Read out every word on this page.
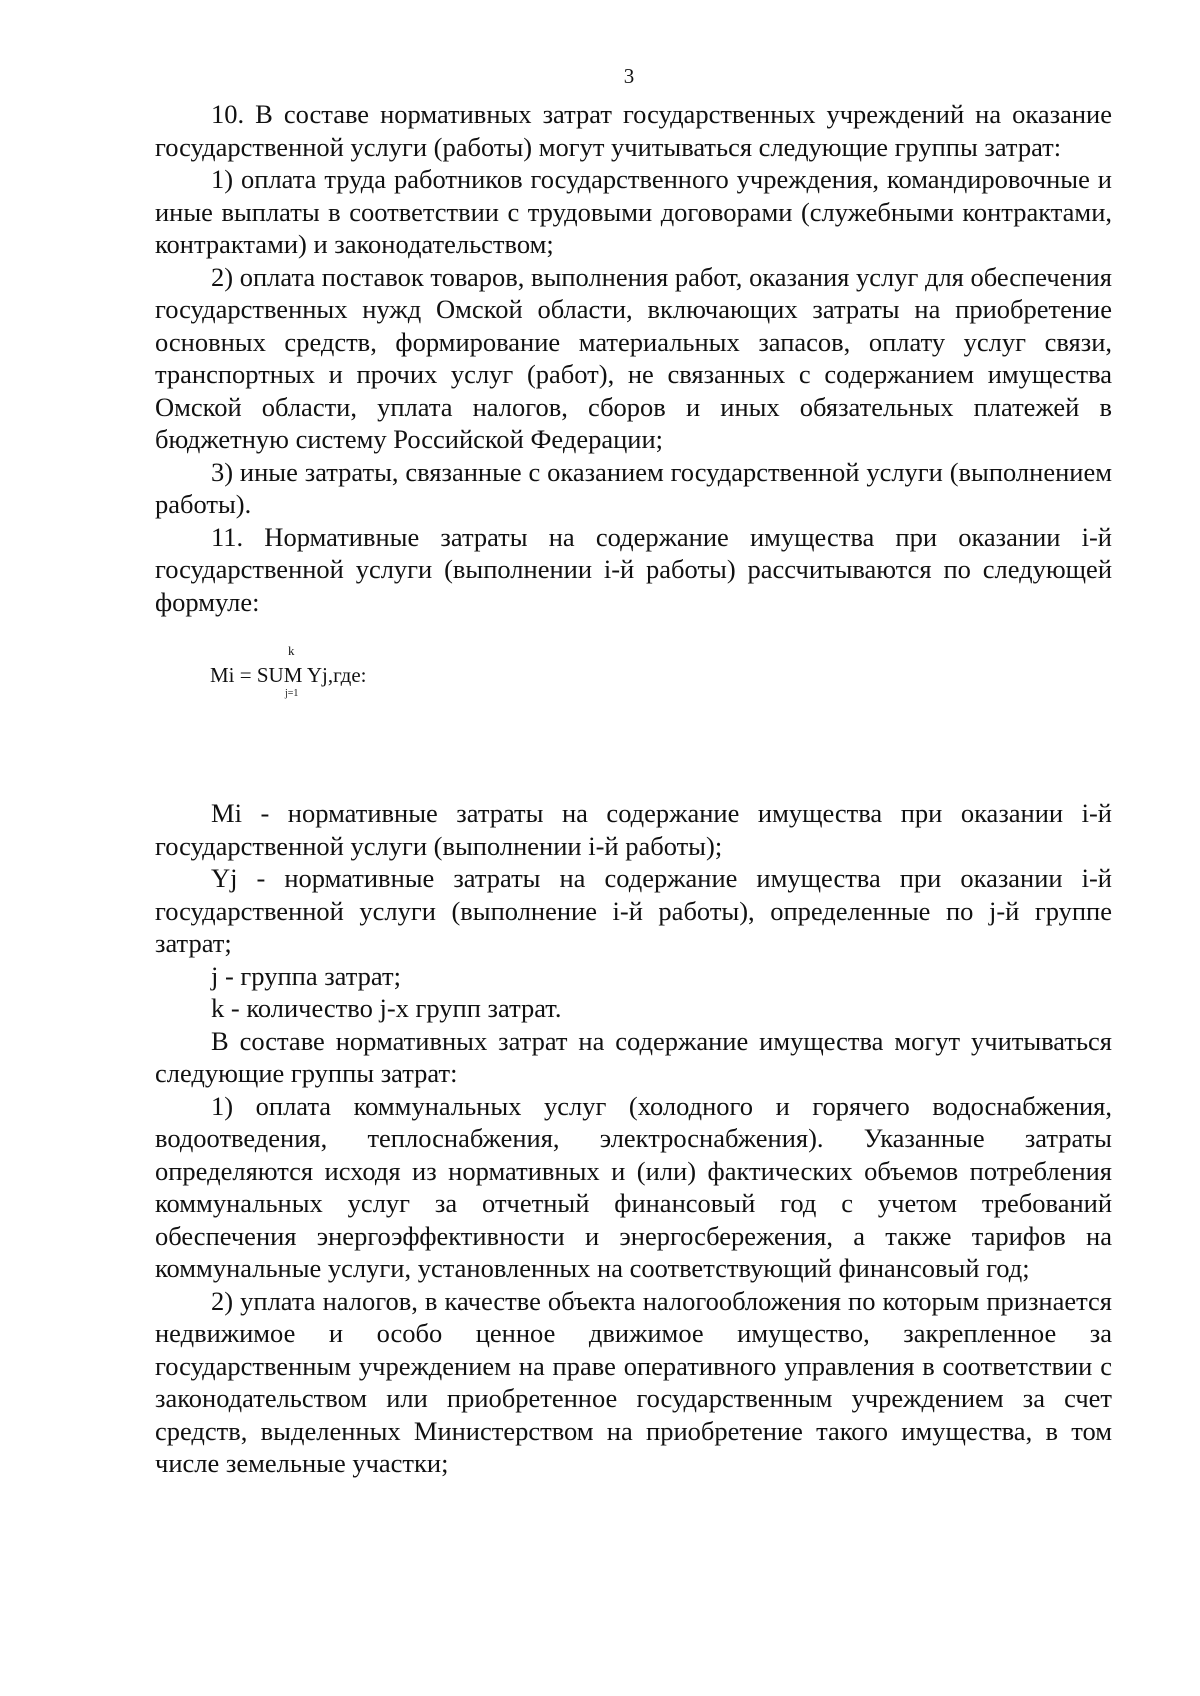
3

10. В составе нормативных затрат государственных учреждений на оказание государственной услуги (работы) могут учитываться следующие группы затрат:

1) оплата труда работников государственного учреждения, командировочные и иные выплаты в соответствии с трудовыми договорами (служебными контрактами, контрактами) и законодательством;

2) оплата поставок товаров, выполнения работ, оказания услуг для обеспечения государственных нужд Омской области, включающих затраты на приобретение основных средств, формирование материальных запасов, оплату услуг связи, транспортных и прочих услуг (работ), не связанных с содержанием имущества Омской области, уплата налогов, сборов и иных обязательных платежей в бюджетную систему Российской Федерации;

3) иные затраты, связанные с оказанием государственной услуги (выполнением работы).

11. Нормативные затраты на содержание имущества при оказании i-й государственной услуги (выполнении i-й работы) рассчитываются по следующей формуле:

k
Mi = SUM Yj,где:
j=1

Mi - нормативные затраты на содержание имущества при оказании i-й государственной услуги (выполнении i-й работы);

Yj - нормативные затраты на содержание имущества при оказании i-й государственной услуги (выполнение i-й работы), определенные по j-й группе затрат;

j - группа затрат;

k - количество j-х групп затрат.

В составе нормативных затрат на содержание имущества могут учитываться следующие группы затрат:

1) оплата коммунальных услуг (холодного и горячего водоснабжения, водоотведения, теплоснабжения, электроснабжения). Указанные затраты определяются исходя из нормативных и (или) фактических объемов потребления коммунальных услуг за отчетный финансовый год с учетом требований обеспечения энергоэффективности и энергосбережения, а также тарифов на коммунальные услуги, установленных на соответствующий финансовый год;

2) уплата налогов, в качестве объекта налогообложения по которым признается недвижимое и особо ценное движимое имущество, закрепленное за государственным учреждением на праве оперативного управления в соответствии с законодательством или приобретенное государственным учреждением за счет средств, выделенных Министерством на приобретение такого имущества, в том числе земельные участки;
